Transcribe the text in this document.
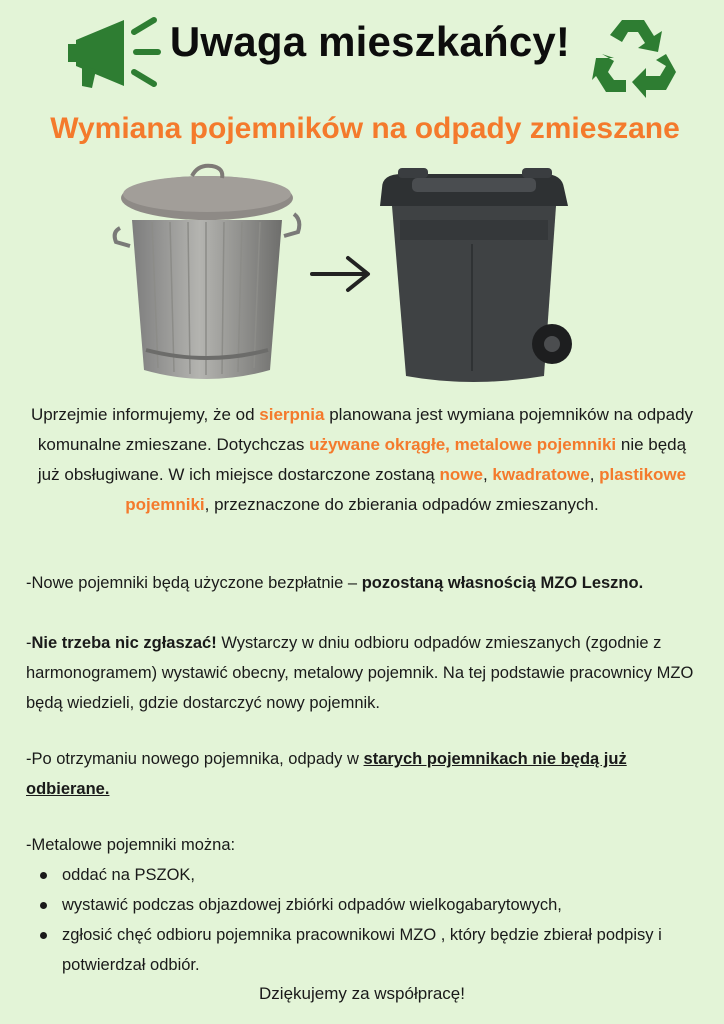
Uwaga mieszkańcy!
Wymiana pojemników na odpady zmieszane

Uprzejmie informujemy, że od sierpnia planowana jest wymiana pojemników na odpady komunalne zmieszane. Dotychczas używane okrągłe, metalowe pojemniki nie będą już obsługiwane. W ich miejsce dostarczone zostaną nowe, kwadratowe, plastikowe pojemniki, przeznaczone do zbierania odpadów zmieszanych.

-Nowe pojemniki będą użyczone bezpłatnie – pozostaną własnością MZO Leszno.

-Nie trzeba nic zgłaszać! Wystarczy w dniu odbioru odpadów zmieszanych (zgodnie z harmonogramem) wystawić obecny, metalowy pojemnik. Na tej podstawie pracownicy MZO będą wiedzieli, gdzie dostarczyć nowy pojemnik.

-Po otrzymaniu nowego pojemnika, odpady w starych pojemnikach nie będą już odbierane.

-Metalowe pojemniki można:
oddać na PSZOK,
wystawić podczas objazdowej zbiórki odpadów wielkogabarytowych,
zgłosić chęć odbioru pojemnika pracownikowi MZO , który będzie zbierał podpisy i potwierdzał odbiór.

Dziękujemy za współpracę!
